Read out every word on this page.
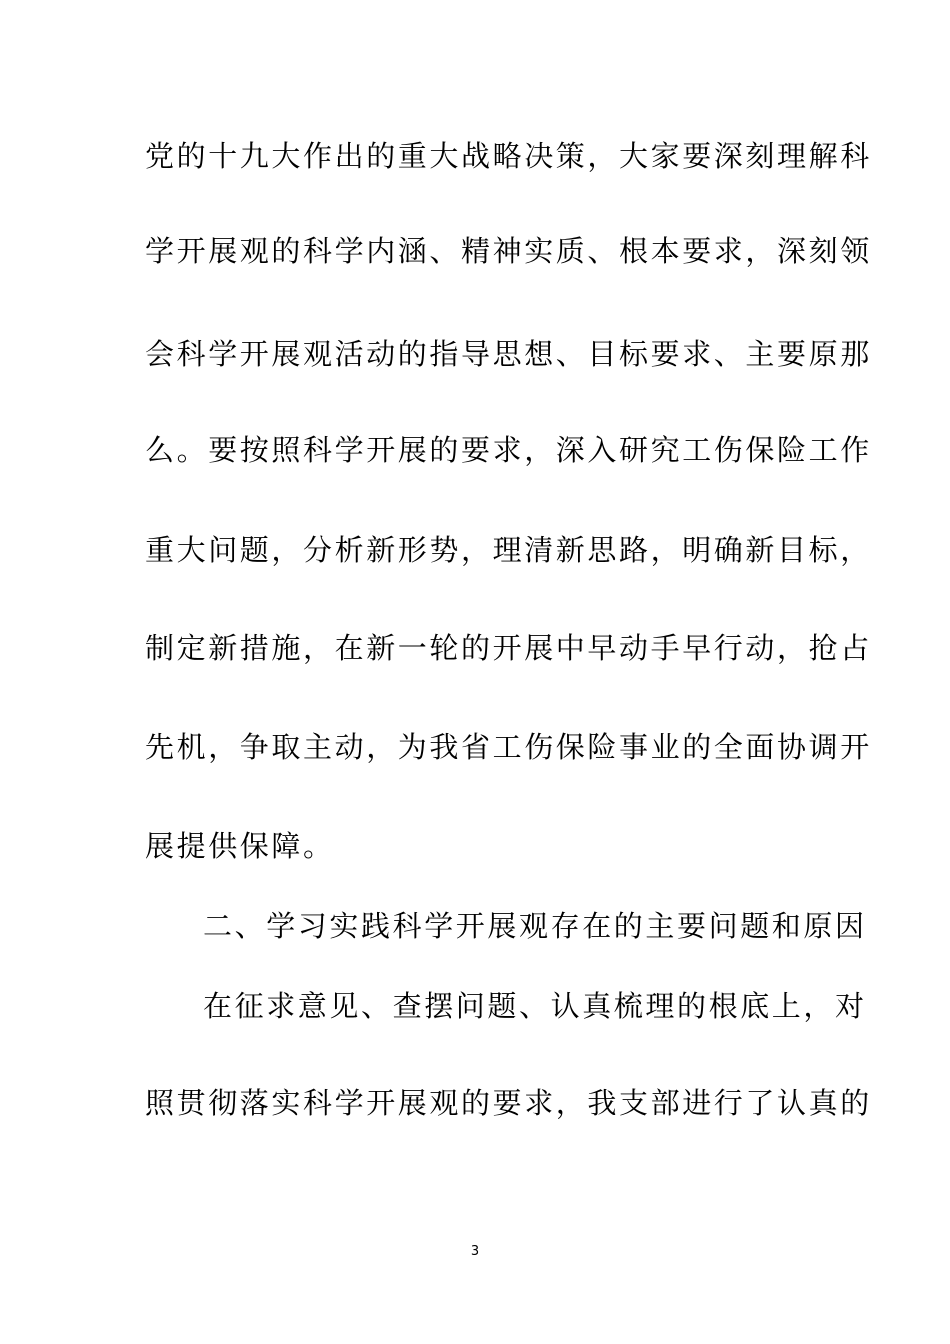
党的十九大作出的重大战略决策，大家要深刻理解科
学开展观的科学内涵、精神实质、根本要求，深刻领
会科学开展观活动的指导思想、目标要求、主要原那
么。要按照科学开展的要求，深入研究工伤保险工作
重大问题，分析新形势，理清新思路，明确新目标，
制定新措施，在新一轮的开展中早动手早行动，抢占
先机，争取主动，为我省工伤保险事业的全面协调开
展提供保障。
二、学习实践科学开展观存在的主要问题和原因
在征求意见、查摆问题、认真梳理的根底上，对
照贯彻落实科学开展观的要求，我支部进行了认真的
3
